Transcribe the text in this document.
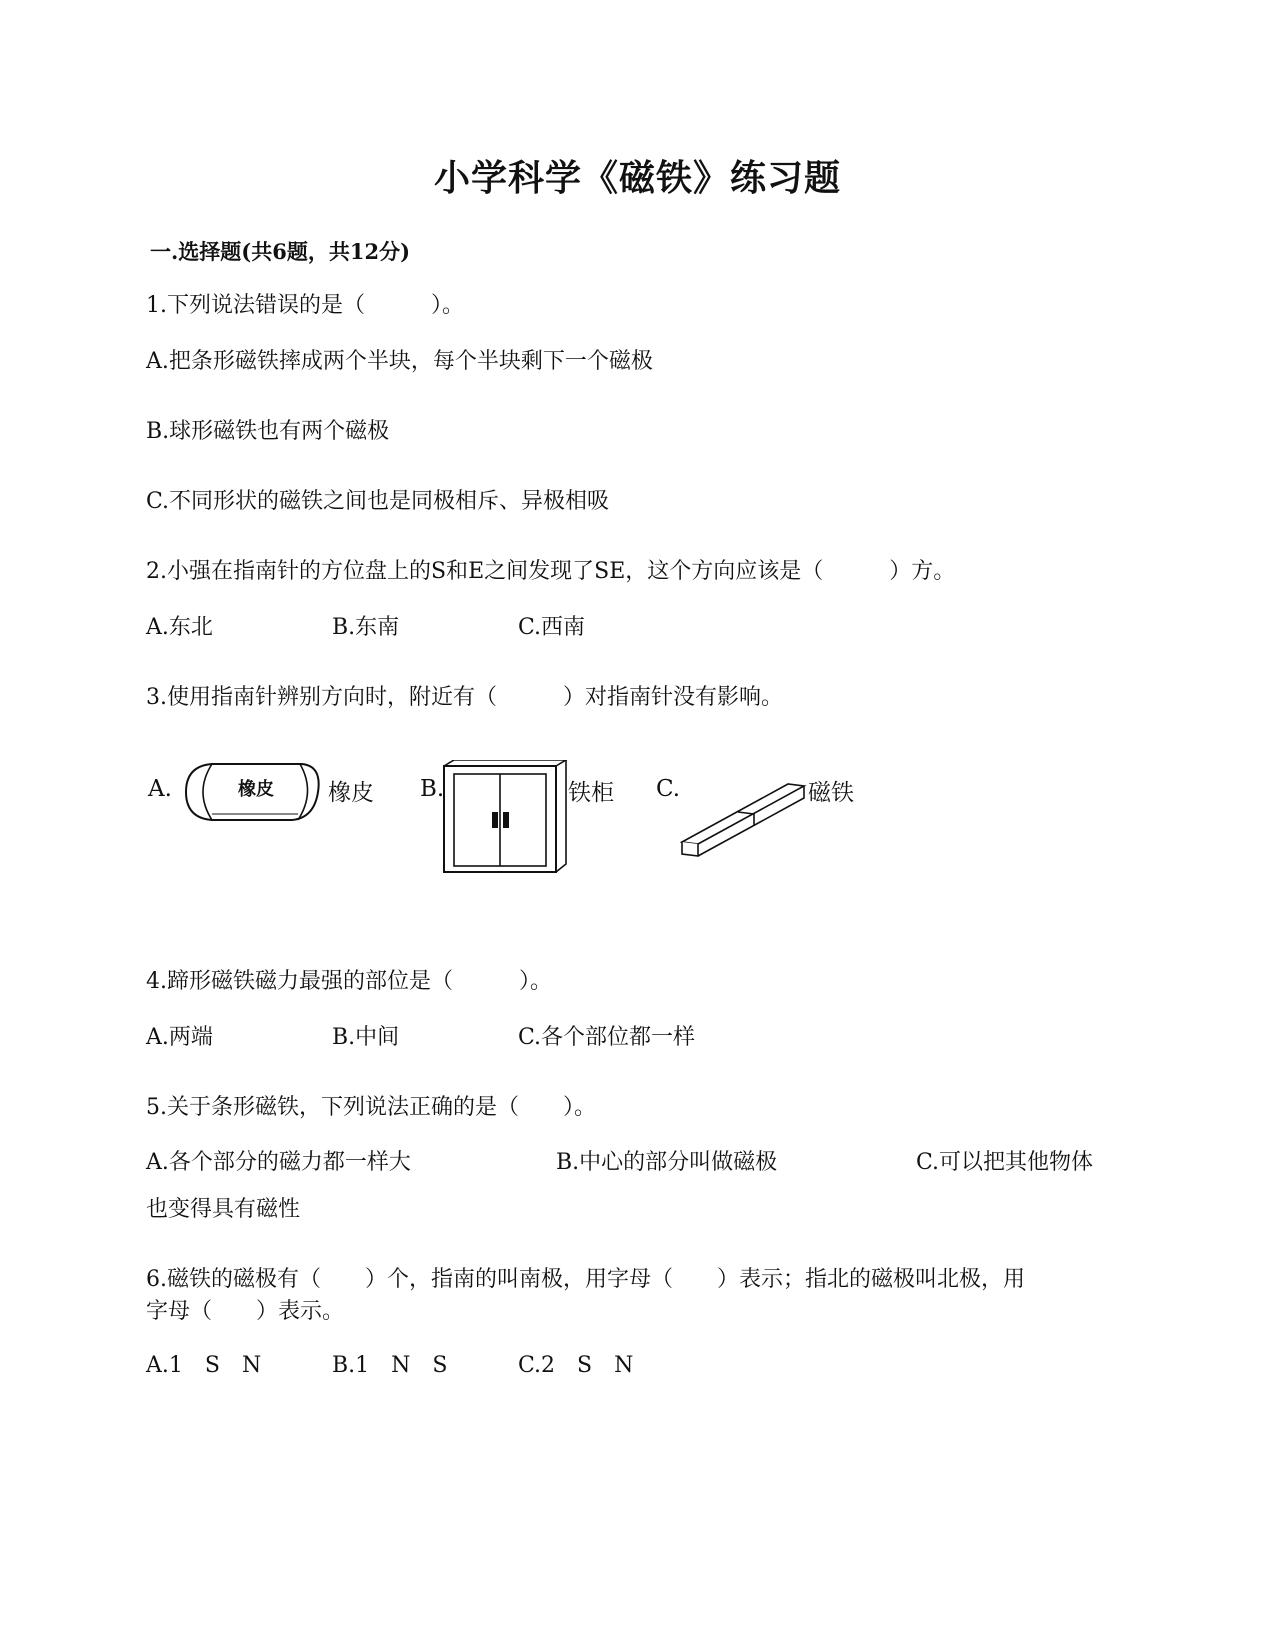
小学科学《磁铁》练习题
一.选择题(共6题，共12分)
1.下列说法错误的是（　　　）。
A.把条形磁铁摔成两个半块，每个半块剩下一个磁极
B.球形磁铁也有两个磁极
C.不同形状的磁铁之间也是同极相斥、异极相吸
2.小强在指南针的方位盘上的S和E之间发现了SE，这个方向应该是（　　　）方。
A.东北	B.东南	C.西南
3.使用指南针辨别方向时，附近有（　　　）对指南针没有影响。
A.	橡皮 橡皮 B.	铁柜 C.	磁铁
4.蹄形磁铁磁力最强的部位是（　　　）。
A.两端	B.中间	C.各个部位都一样
5.关于条形磁铁，下列说法正确的是（　　）。
A.各个部分的磁力都一样大	B.中心的部分叫做磁极	C.可以把其他物体
也变得具有磁性
6.磁铁的磁极有（　　）个，指南的叫南极，用字母（　　）表示；指北的磁极叫北极，用
字母（　　）表示。
A.1　S　N	B.1　N　S	C.2　S　N
